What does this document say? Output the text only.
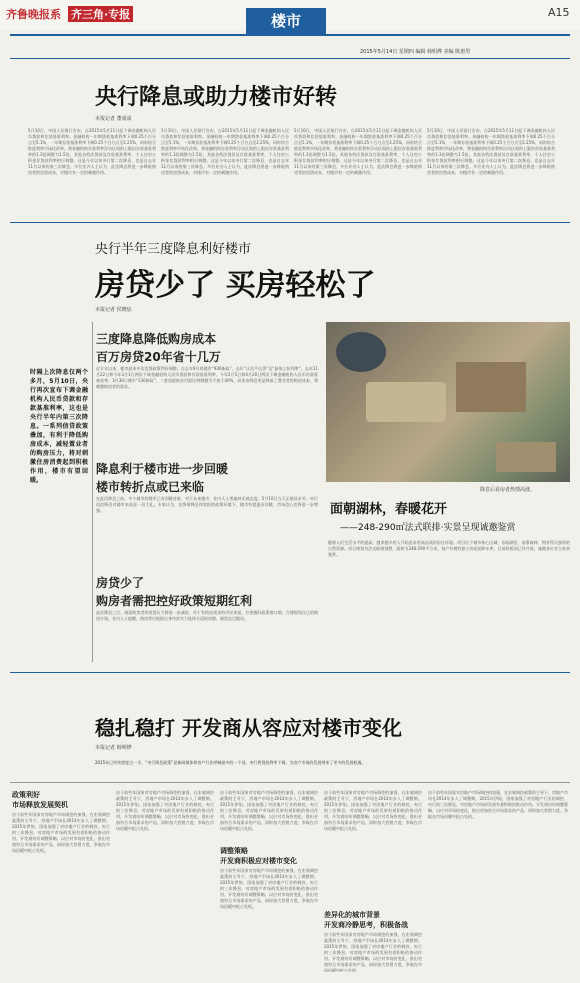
齐鲁晚报系 齐三角·专报	A15
楼市
2015年5月14日 星期四 编辑 韩明烨 美编 陈惠男
央行降息或助力楼市好转
本报记者 董成成
5月10日，中国人民银行宣布，自2015年5月11日起下调金融机构人民币贷款和存款基准利率。金融机构一年期贷款基准利率下调0.25个百分点至5.1%，一年期存款基准利率下调0.25个百分点至2.25%，同时结合推进利率市场化改革，将金融机构存款利率浮动区间的上限由存款基准利率的1.3倍调整为1.5倍。其他各档次贷款及存款基准利率，个人住房公积金存贷款利率相应调整。这是今年以来央行第二次降息，也是自去年11月以来的第三次降息。多位业内人士认为，此次降息将进一步降低购房者的房贷成本，对楼市有一定的刺激作用。
5月10日，中国人民银行宣布，自2015年5月11日起下调金融机构人民币贷款和存款基准利率。金融机构一年期贷款基准利率下调0.25个百分点至5.1%，一年期存款基准利率下调0.25个百分点至2.25%，同时结合推进利率市场化改革，将金融机构存款利率浮动区间的上限由存款基准利率的1.3倍调整为1.5倍。其他各档次贷款及存款基准利率，个人住房公积金存贷款利率相应调整。这是今年以来央行第二次降息，也是自去年11月以来的第三次降息。多位业内人士认为，此次降息将进一步降低购房者的房贷成本，对楼市有一定的刺激作用。
5月10日，中国人民银行宣布，自2015年5月11日起下调金融机构人民币贷款和存款基准利率。金融机构一年期贷款基准利率下调0.25个百分点至5.1%，一年期存款基准利率下调0.25个百分点至2.25%，同时结合推进利率市场化改革，将金融机构存款利率浮动区间的上限由存款基准利率的1.3倍调整为1.5倍。其他各档次贷款及存款基准利率，个人住房公积金存贷款利率相应调整。这是今年以来央行第二次降息，也是自去年11月以来的第三次降息。多位业内人士认为，此次降息将进一步降低购房者的房贷成本，对楼市有一定的刺激作用。
5月10日，中国人民银行宣布，自2015年5月11日起下调金融机构人民币贷款和存款基准利率。金融机构一年期贷款基准利率下调0.25个百分点至5.1%，一年期存款基准利率下调0.25个百分点至2.25%，同时结合推进利率市场化改革，将金融机构存款利率浮动区间的上限由存款基准利率的1.3倍调整为1.5倍。其他各档次贷款及存款基准利率，个人住房公积金存贷款利率相应调整。这是今年以来央行第二次降息，也是自去年11月以来的第三次降息。多位业内人士认为，此次降息将进一步降低购房者的房贷成本，对楼市有一定的刺激作用。
央行半年三度降息利好楼市
房贷少了 买房轻松了
本报记者 侯晓宸
时隔上次降息仅两个多月，5月10日，央行再次宣布下调金融机构人民币贷款和存款基准利率，这也是央行半年内第三次降息。一系列信贷政策叠加，有利于降低购房成本，减轻置业者的购房压力，将对刺激住房消费起到积极作用，楼市有望回暖。
三度降息降低购房成本
百万房贷20年省十几万
近半年以来，楼市迎来多次信贷政策利好调整。自去年9月底楼市“930新政”、去年“认房不认贷”及“最低七折利率”，去年11月22日和今年3月1日两次下调金融机构人民币贷款和存款基准利率，今年2月5日和4月20日两次下调金融机构人民币存款准备金率，3月30日楼市“330新政”，二套房最低首付款比例调整为不低于40%，而本次降息更是降低了置业者的购房成本，将刺激购房者的需求。
降息利于楼市进一步回暖
楼市转折点或已来临
在此次降息之前，多个城市的楼市已有回暖迹象，对于未来楼市，业内人士普遍持乐观态度。5月10日当天正值母亲节，央行再次降息对楼市来说是一份大礼。专家认为，在降准降息和宽松的政策环境下，楼市有望逐步回暖，市场信心也将进一步增强。
房贷少了
购房者需把控好政策短期红利
此次降息之后，刚需购房者的房贷压力将进一步减轻，对于有购房需求的市民来说，应把握好政策窗口期，合理规划自己的购房计划。业内人士提醒，购房者应根据自身经济实力选择合适的房源，避免盲目跟风。
降息后看房者热情高涨。
面朝湖林，春暖花开
——248-290㎡法式联排·实景呈现诚邀鉴赏
随着人们生活水平的提高，越来越多的人开始追求更高品质的居住环境。项目位于城市核心区域，东临湖泊，南靠森林，拥有得天独厚的自然资源。项目规划有法式联排别墅，面积为248-290平方米，每户均拥有独立的花园和车库。目前样板间已经开放，诚邀各位业主前来鉴赏。
稳扎稳打 开发商从容应对楼市变化
本报记者 韩明烨
2015年已经快要度过一半，“央行降息政策”是新闻媒体和房产行业呼喊最多的一个词。央行将贷款利率下调，为房产市场的发展带来了更多的发展机遇。
政策利好
市场释放发展契机
由于前些年国家对房地产市场调控的加强，在宏观调控政策的主导下，房地产市场在2014年步入了调整期。2015年伊始，国家加强了对房地产行业的调控，央行的三次降息，对房地产市场的发展有着积极的推动作用。开发商纷纷调整策略，以应对市场的变化，推出更加符合市场需求的产品，同时加大营销力度，争取在市场回暖中抢占先机。
由于前些年国家对房地产市场调控的加强，在宏观调控政策的主导下，房地产市场在2014年步入了调整期。2015年伊始，国家加强了对房地产行业的调控，央行的三次降息，对房地产市场的发展有着积极的推动作用。开发商纷纷调整策略，以应对市场的变化，推出更加符合市场需求的产品，同时加大营销力度，争取在市场回暖中抢占先机。
调整策略
开发商积极应对楼市变化
由于前些年国家对房地产市场调控的加强，在宏观调控政策的主导下，房地产市场在2014年步入了调整期。2015年伊始，国家加强了对房地产行业的调控，央行的三次降息，对房地产市场的发展有着积极的推动作用。开发商纷纷调整策略，以应对市场的变化，推出更加符合市场需求的产品，同时加大营销力度，争取在市场回暖中抢占先机。
由于前些年国家对房地产市场调控的加强，在宏观调控政策的主导下，房地产市场在2014年步入了调整期。2015年伊始，国家加强了对房地产行业的调控，央行的三次降息，对房地产市场的发展有着积极的推动作用。开发商纷纷调整策略，以应对市场的变化，推出更加符合市场需求的产品，同时加大营销力度，争取在市场回暖中抢占先机。
差异化的城市背景
开发商冷静思考，积极备战
由于前些年国家对房地产市场调控的加强，在宏观调控政策的主导下，房地产市场在2014年步入了调整期。2015年伊始，国家加强了对房地产行业的调控，央行的三次降息，对房地产市场的发展有着积极的推动作用。开发商纷纷调整策略，以应对市场的变化，推出更加符合市场需求的产品，同时加大营销力度，争取在市场回暖中抢占先机。
由于前些年国家对房地产市场调控的加强，在宏观调控政策的主导下，房地产市场在2014年步入了调整期。2015年伊始，国家加强了对房地产行业的调控，央行的三次降息，对房地产市场的发展有着积极的推动作用。开发商纷纷调整策略，以应对市场的变化，推出更加符合市场需求的产品，同时加大营销力度，争取在市场回暖中抢占先机。
由于前些年国家对房地产市场调控的加强，在宏观调控政策的主导下，房地产市场在2014年步入了调整期。2015年伊始，国家加强了对房地产行业的调控，央行的三次降息，对房地产市场的发展有着积极的推动作用。开发商纷纷调整策略，以应对市场的变化，推出更加符合市场需求的产品，同时加大营销力度，争取在市场回暖中抢占先机。
